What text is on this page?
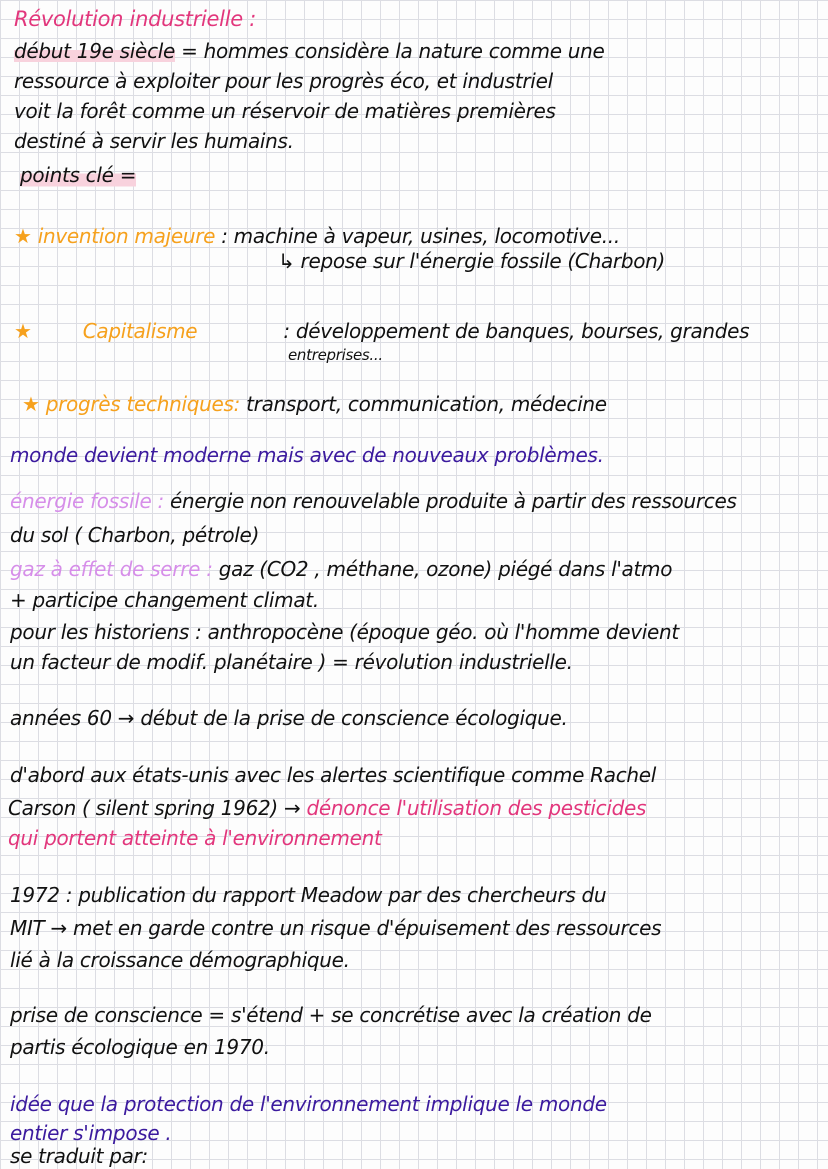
Révolution industrielle :
début 19e siècle = hommes considère la nature comme une
ressource à exploiter pour les progrès éco, et industriel
voit la forêt comme un réservoir de matières premières
destiné à servir les humains.
points clé =
★ invention majeure : machine à vapeur, usines, locomotive...
↳ repose sur l'énergie fossile (Charbon)
★	Capitalisme	: développement de banques, bourses, grandes
entreprises...
★ progrès techniques: transport, communication, médecine
monde devient moderne mais avec de nouveaux problèmes.
énergie fossile : énergie non renouvelable produite à partir des ressources
du sol ( Charbon, pétrole)
gaz à effet de serre : gaz (CO2 , méthane, ozone) piégé dans l'atmo
+ participe changement climat.
pour les historiens : anthropocène (époque géo. où l'homme devient
un facteur de modif. planétaire ) = révolution industrielle.
années 60 → début de la prise de conscience écologique.
d'abord aux états-unis avec les alertes scientifique comme Rachel
Carson ( silent spring 1962) → dénonce l'utilisation des pesticides
qui portent atteinte à l'environnement
1972 : publication du rapport Meadow par des chercheurs du
MIT → met en garde contre un risque d'épuisement des ressources
lié à la croissance démographique.
prise de conscience = s'étend + se concrétise avec la création de
partis écologique en 1970.
idée que la protection de l'environnement implique le monde
entier s'impose .
se traduit par:
